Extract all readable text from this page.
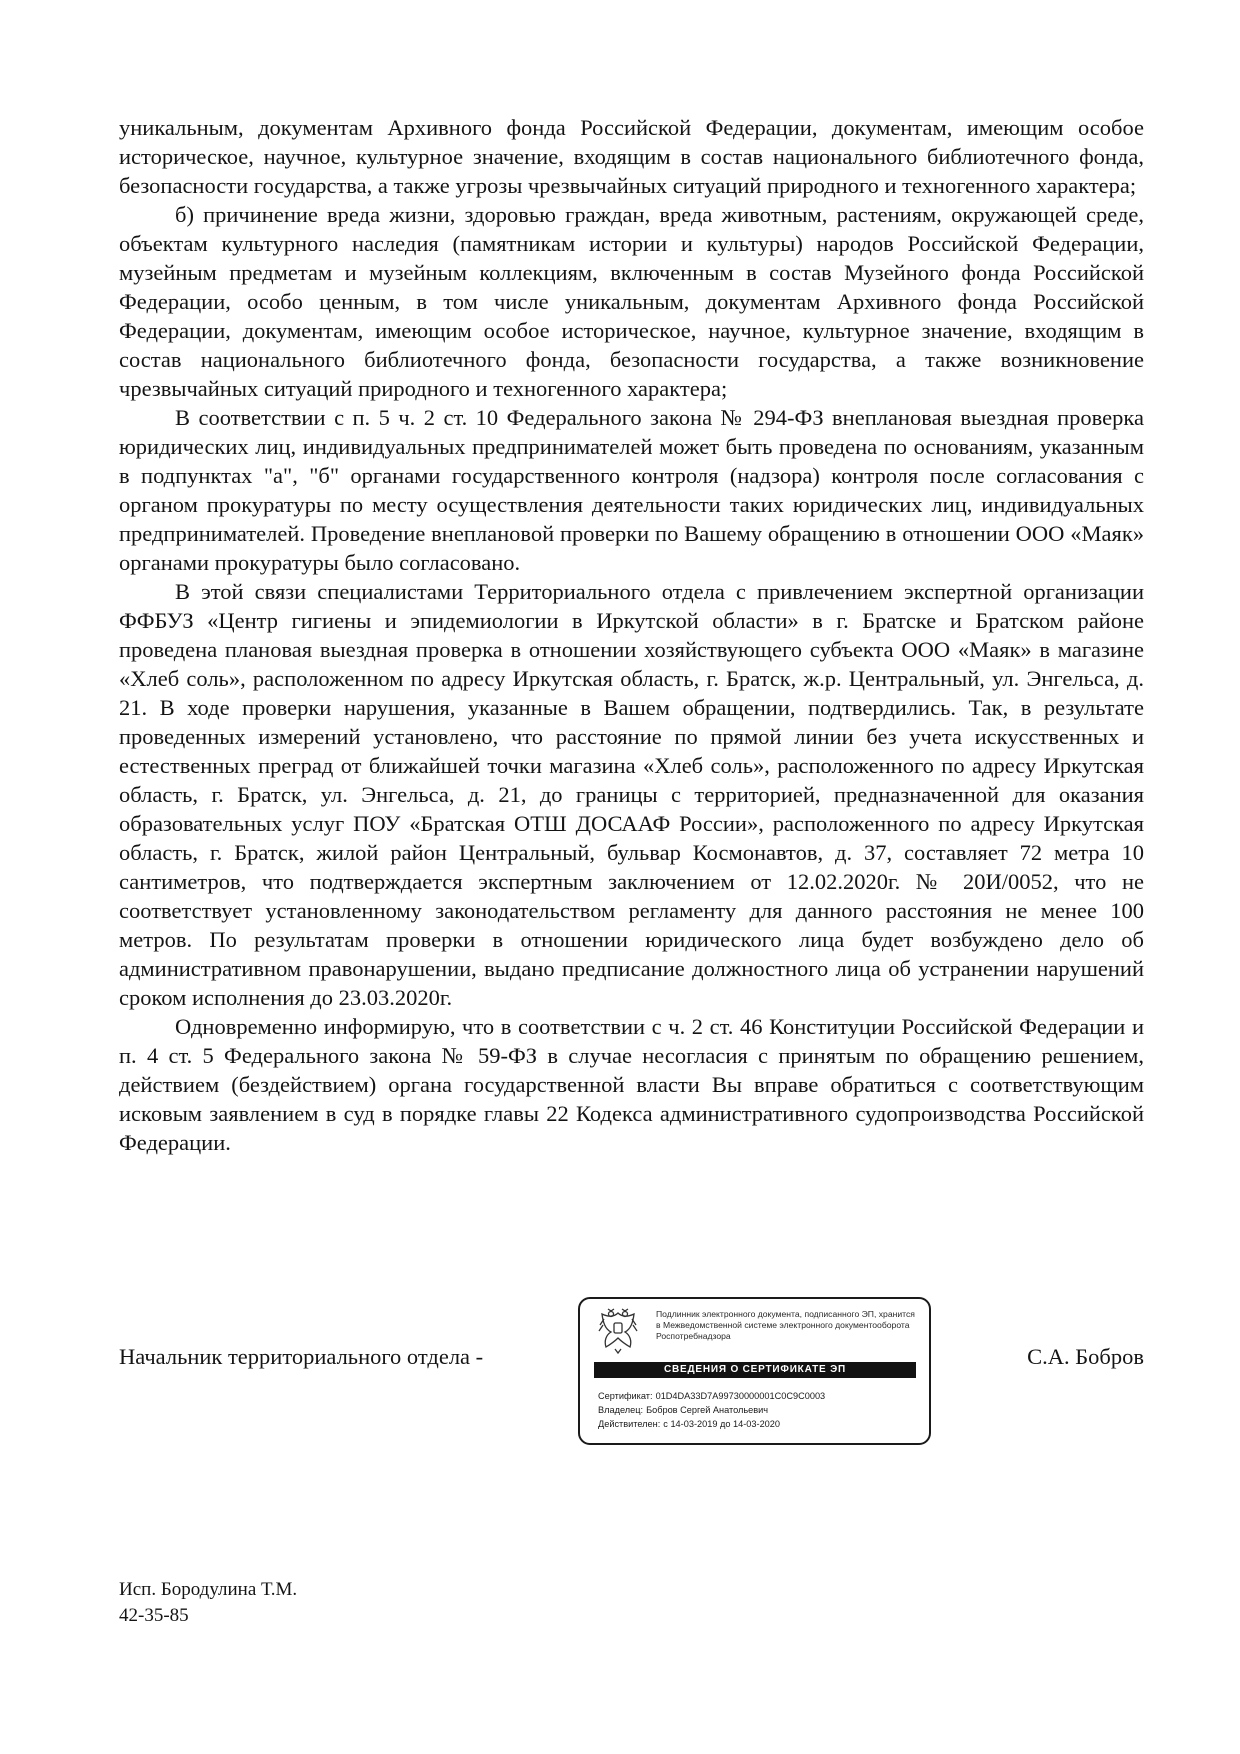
уникальным, документам Архивного фонда Российской Федерации, документам, имеющим особое историческое, научное, культурное значение, входящим в состав национального библиотечного фонда, безопасности государства, а также угрозы чрезвычайных ситуаций природного и техногенного характера;

б) причинение вреда жизни, здоровью граждан, вреда животным, растениям, окружающей среде, объектам культурного наследия (памятникам истории и культуры) народов Российской Федерации, музейным предметам и музейным коллекциям, включенным в состав Музейного фонда Российской Федерации, особо ценным, в том числе уникальным, документам Архивного фонда Российской Федерации, документам, имеющим особое историческое, научное, культурное значение, входящим в состав национального библиотечного фонда, безопасности государства, а также возникновение чрезвычайных ситуаций природного и техногенного характера;

В соответствии с п. 5 ч. 2 ст. 10 Федерального закона № 294-ФЗ внеплановая выездная проверка юридических лиц, индивидуальных предпринимателей может быть проведена по основаниям, указанным в подпунктах "а", "б" органами государственного контроля (надзора) контроля после согласования с органом прокуратуры по месту осуществления деятельности таких юридических лиц, индивидуальных предпринимателей. Проведение внеплановой проверки по Вашему обращению в отношении ООО «Маяк» органами прокуратуры было согласовано.

В этой связи специалистами Территориального отдела с привлечением экспертной организации ФФБУЗ «Центр гигиены и эпидемиологии в Иркутской области» в г. Братске и Братском районе проведена плановая выездная проверка в отношении хозяйствующего субъекта ООО «Маяк» в магазине «Хлеб соль», расположенном по адресу Иркутская область, г. Братск, ж.р. Центральный, ул. Энгельса, д. 21. В ходе проверки нарушения, указанные в Вашем обращении, подтвердились. Так, в результате проведенных измерений установлено, что расстояние по прямой линии без учета искусственных и естественных преград от ближайшей точки магазина «Хлеб соль», расположенного по адресу Иркутская область, г. Братск, ул. Энгельса, д. 21, до границы с территорией, предназначенной для оказания образовательных услуг ПОУ «Братская ОТШ ДОСААФ России», расположенного по адресу Иркутская область, г. Братск, жилой район Центральный, бульвар Космонавтов, д. 37, составляет 72 метра 10 сантиметров, что подтверждается экспертным заключением от 12.02.2020г. № 20И/0052, что не соответствует установленному законодательством регламенту для данного расстояния не менее 100 метров. По результатам проверки в отношении юридического лица будет возбуждено дело об административном правонарушении, выдано предписание должностного лица об устранении нарушений сроком исполнения до 23.03.2020г.

Одновременно информирую, что в соответствии с ч. 2 ст. 46 Конституции Российской Федерации и п. 4 ст. 5 Федерального закона № 59-ФЗ в случае несогласия с принятым по обращению решением, действием (бездействием) органа государственной власти Вы вправе обратиться с соответствующим исковым заявлением в суд в порядке главы 22 Кодекса административного судопроизводства Российской Федерации.

Начальник территориального отдела -
Подлинник электронного документа, подписанного ЭП, хранится в Межведомственной системе электронного документооборота Роспотребнадзора
СВЕДЕНИЯ О СЕРТИФИКАТЕ ЭП
Сертификат: 01D4DA33D7A99730000001C0C9C0003
Владелец: Бобров Сергей Анатольевич
Действителен: с 14-03-2019 до 14-03-2020
С.А. Бобров
Исп. Бородулина Т.М.
42-35-85
